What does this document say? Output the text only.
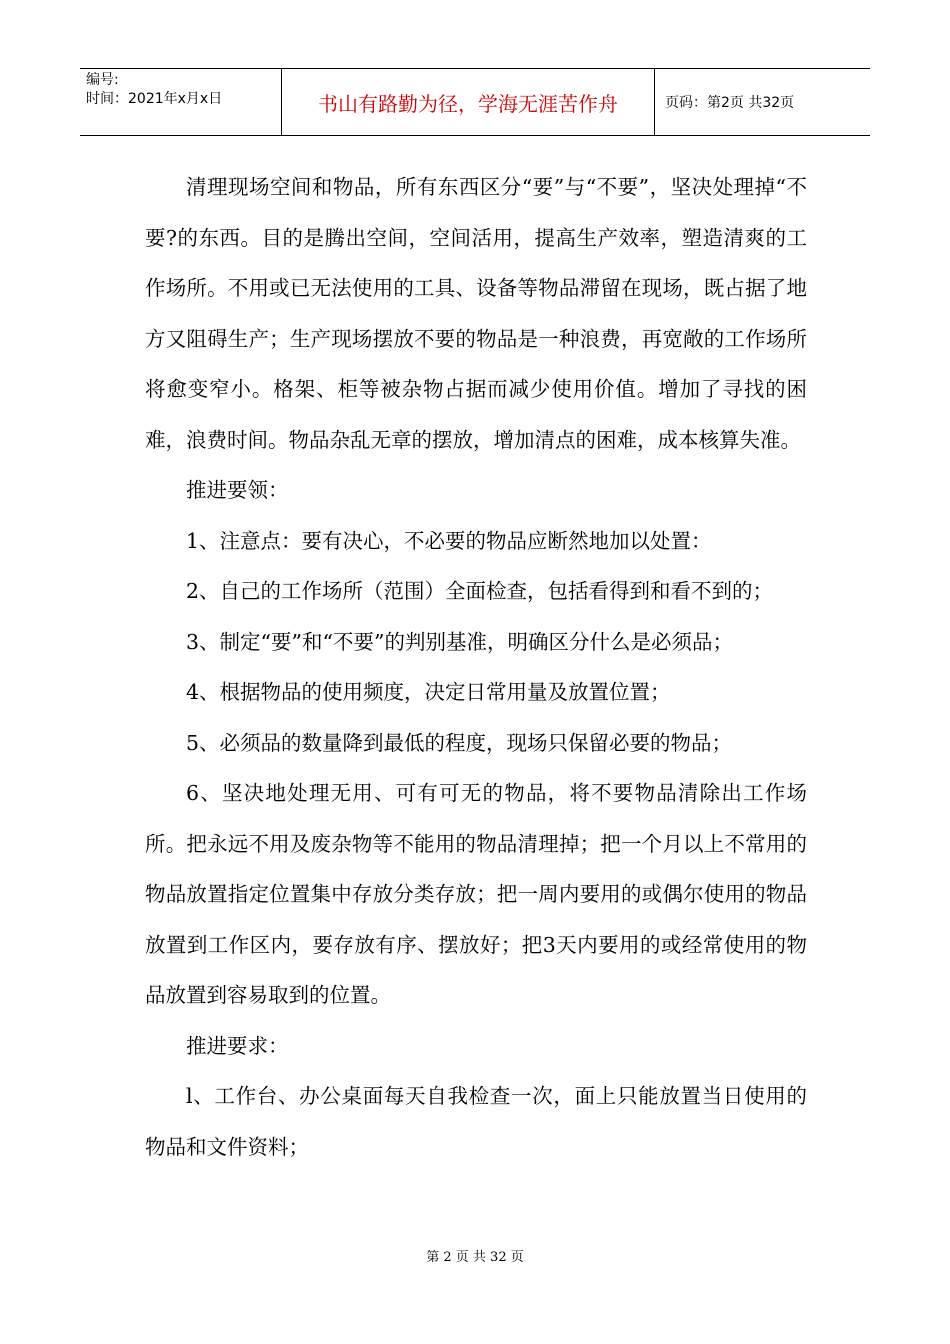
编号:
时间：2021年x月x日	书山有路勤为径，学海无涯苦作舟	页码：第2页 共32页

清理现场空间和物品，所有东西区分“要”与“不要”，坚决处理掉“不要?的东西。目的是腾出空间，空间活用，提高生产效率，塑造清爽的工作场所。不用或已无法使用的工具、设备等物品滞留在现场，既占据了地方又阻碍生产；生产现场摆放不要的物品是一种浪费，再宽敞的工作场所将愈变窄小。格架、柜等被杂物占据而减少使用价值。增加了寻找的困难，浪费时间。物品杂乱无章的摆放，增加清点的困难，成本核算失准。

推进要领：

1、注意点：要有决心，不必要的物品应断然地加以处置：

2、自己的工作场所（范围）全面检查，包括看得到和看不到的；

3、制定“要”和“不要”的判别基准，明确区分什么是必须品；

4、根据物品的使用频度，决定日常用量及放置位置；

5、必须品的数量降到最低的程度，现场只保留必要的物品；

6、坚决地处理无用、可有可无的物品，将不要物品清除出工作场所。把永远不用及废杂物等不能用的物品清理掉；把一个月以上不常用的物品放置指定位置集中存放分类存放；把一周内要用的或偶尔使用的物品放置到工作区内，要存放有序、摆放好；把3天内要用的或经常使用的物品放置到容易取到的位置。

推进要求：

l、工作台、办公桌面每天自我检查一次，面上只能放置当日使用的物品和文件资料；

第 2 页 共 32 页
